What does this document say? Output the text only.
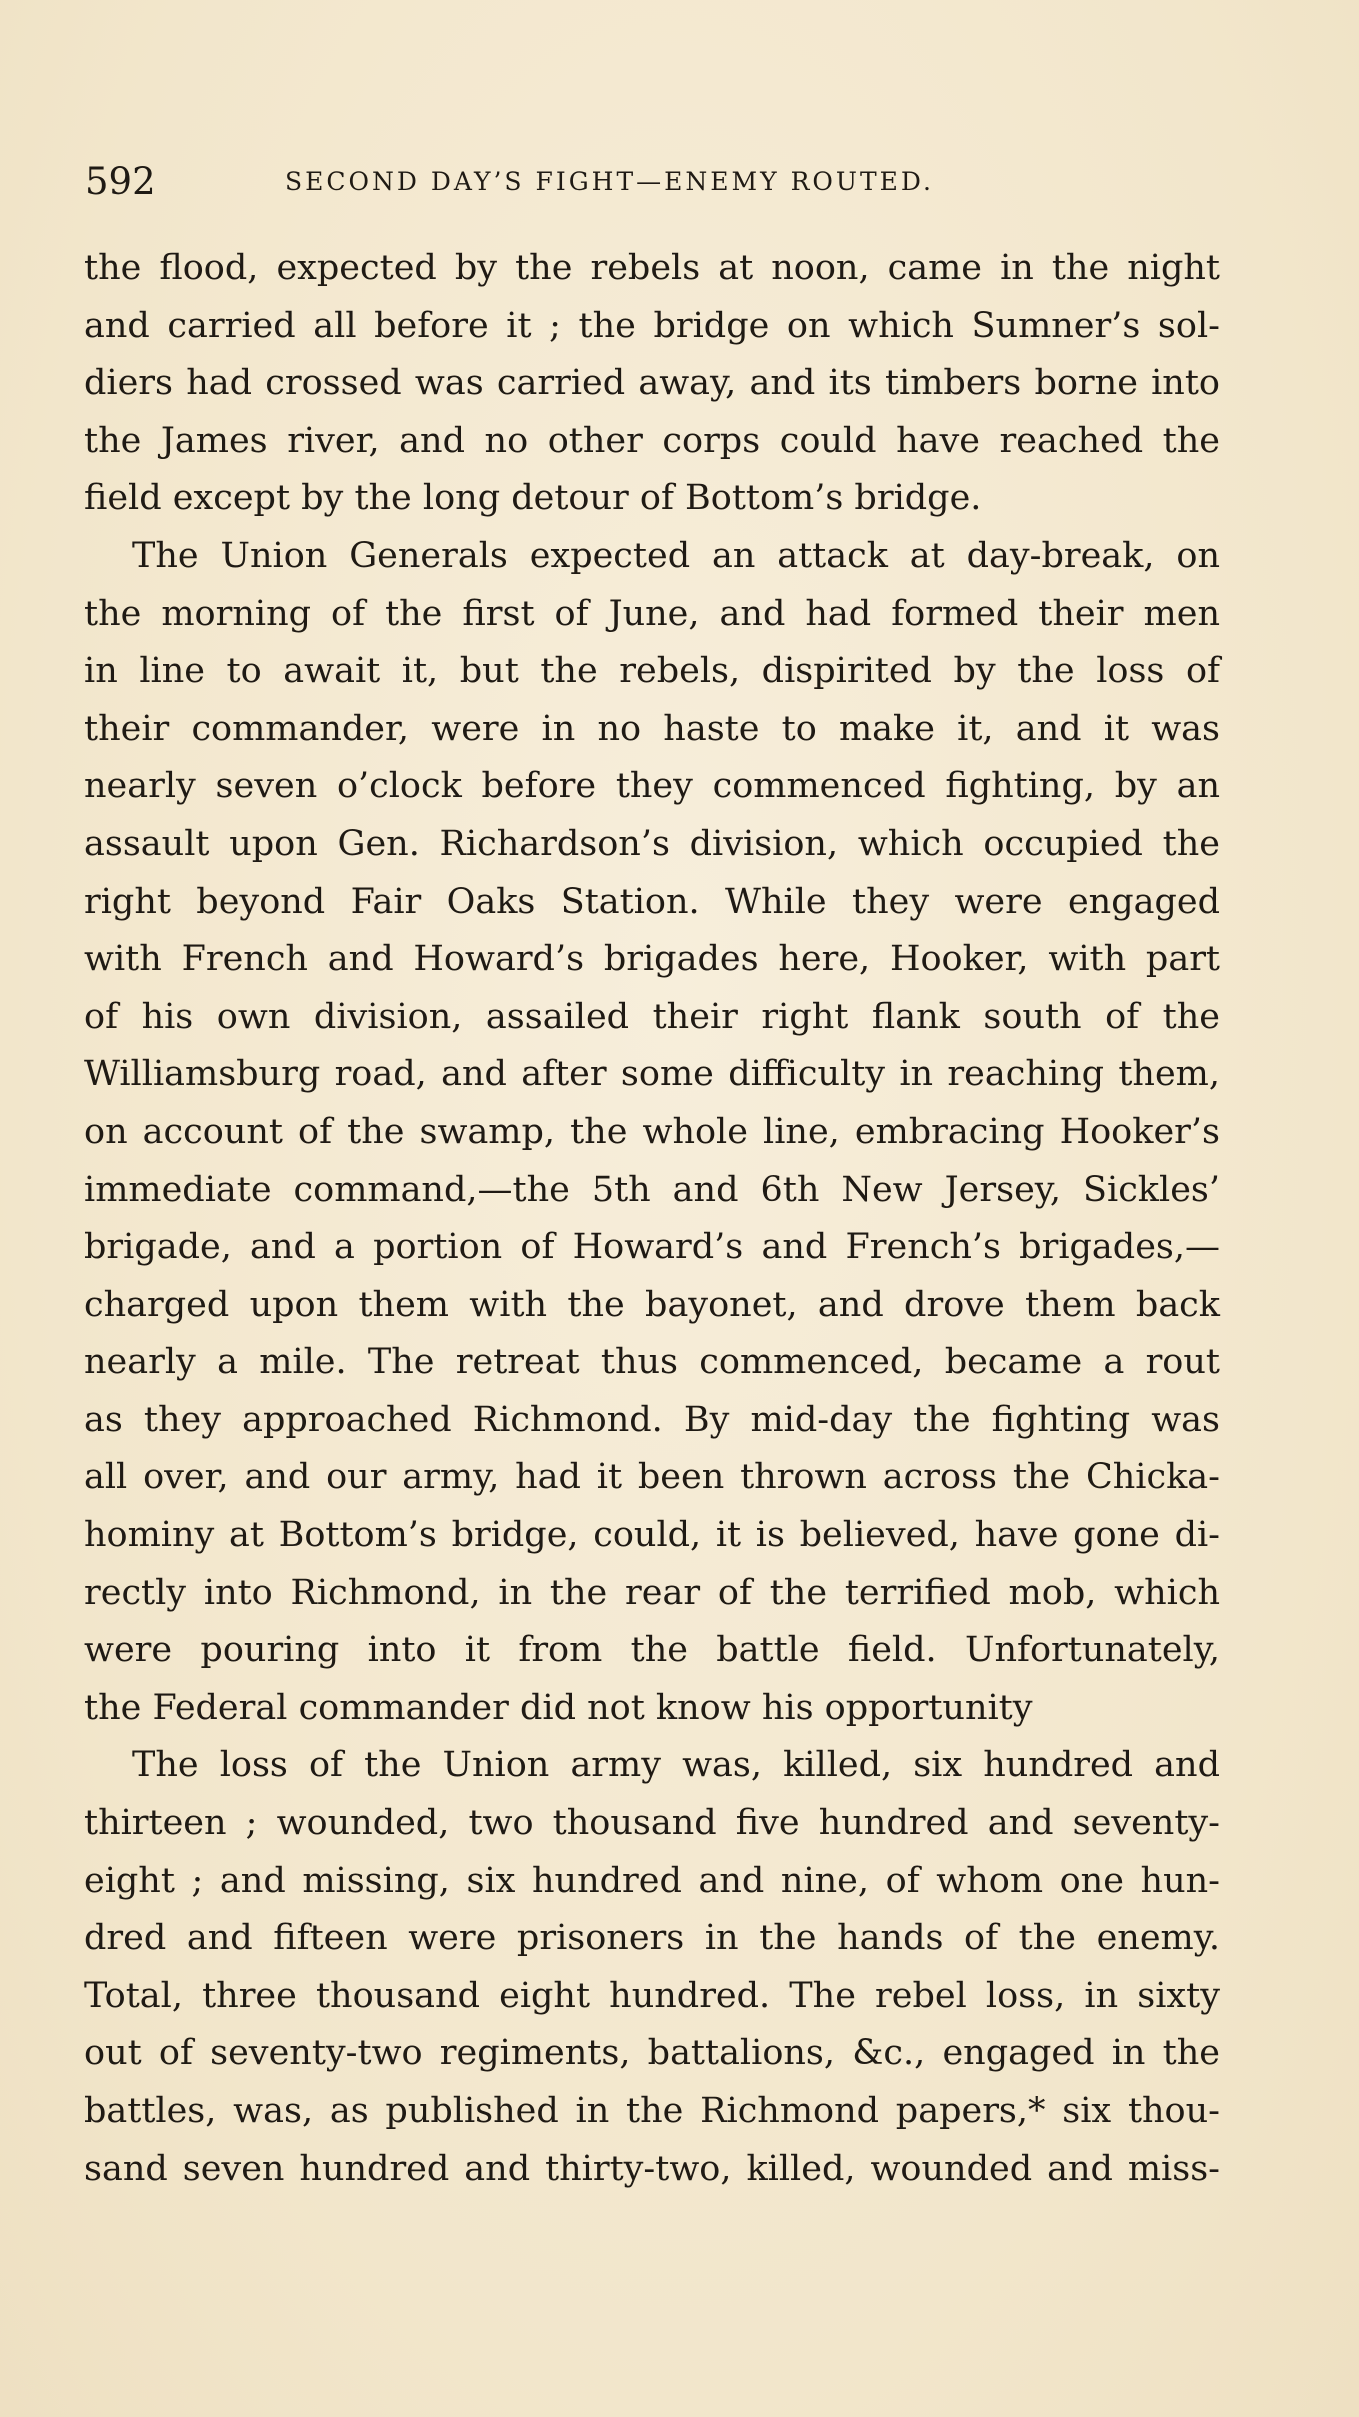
592	SECOND DAY’S FIGHT—ENEMY ROUTED.
the flood, expected by the rebels at noon, came in the night
and carried all before it ; the bridge on which Sumner’s sol-
diers had crossed was carried away, and its timbers borne into
the James river, and no other corps could have reached the
field except by the long detour of Bottom’s bridge.
The Union Generals expected an attack at day-break, on
the morning of the first of June, and had formed their men
in line to await it, but the rebels, dispirited by the loss of
their commander, were in no haste to make it, and it was
nearly seven o’clock before they commenced fighting, by an
assault upon Gen. Richardson’s division, which occupied the
right beyond Fair Oaks Station. While they were engaged
with French and Howard’s brigades here, Hooker, with part
of his own division, assailed their right flank south of the
Williamsburg road, and after some difficulty in reaching them,
on account of the swamp, the whole line, embracing Hooker’s
immediate command,—the 5th and 6th New Jersey, Sickles’
brigade, and a portion of Howard’s and French’s brigades,—
charged upon them with the bayonet, and drove them back
nearly a mile. The retreat thus commenced, became a rout
as they approached Richmond. By mid-day the fighting was
all over, and our army, had it been thrown across the Chicka-
hominy at Bottom’s bridge, could, it is believed, have gone di-
rectly into Richmond, in the rear of the terrified mob, which
were pouring into it from the battle field. Unfortunately,
the Federal commander did not know his opportunity
The loss of the Union army was, killed, six hundred and
thirteen ; wounded, two thousand five hundred and seventy-
eight ; and missing, six hundred and nine, of whom one hun-
dred and fifteen were prisoners in the hands of the enemy.
Total, three thousand eight hundred. The rebel loss, in sixty
out of seventy-two regiments, battalions, &c., engaged in the
battles, was, as published in the Richmond papers,* six thou-
sand seven hundred and thirty-two, killed, wounded and miss-
